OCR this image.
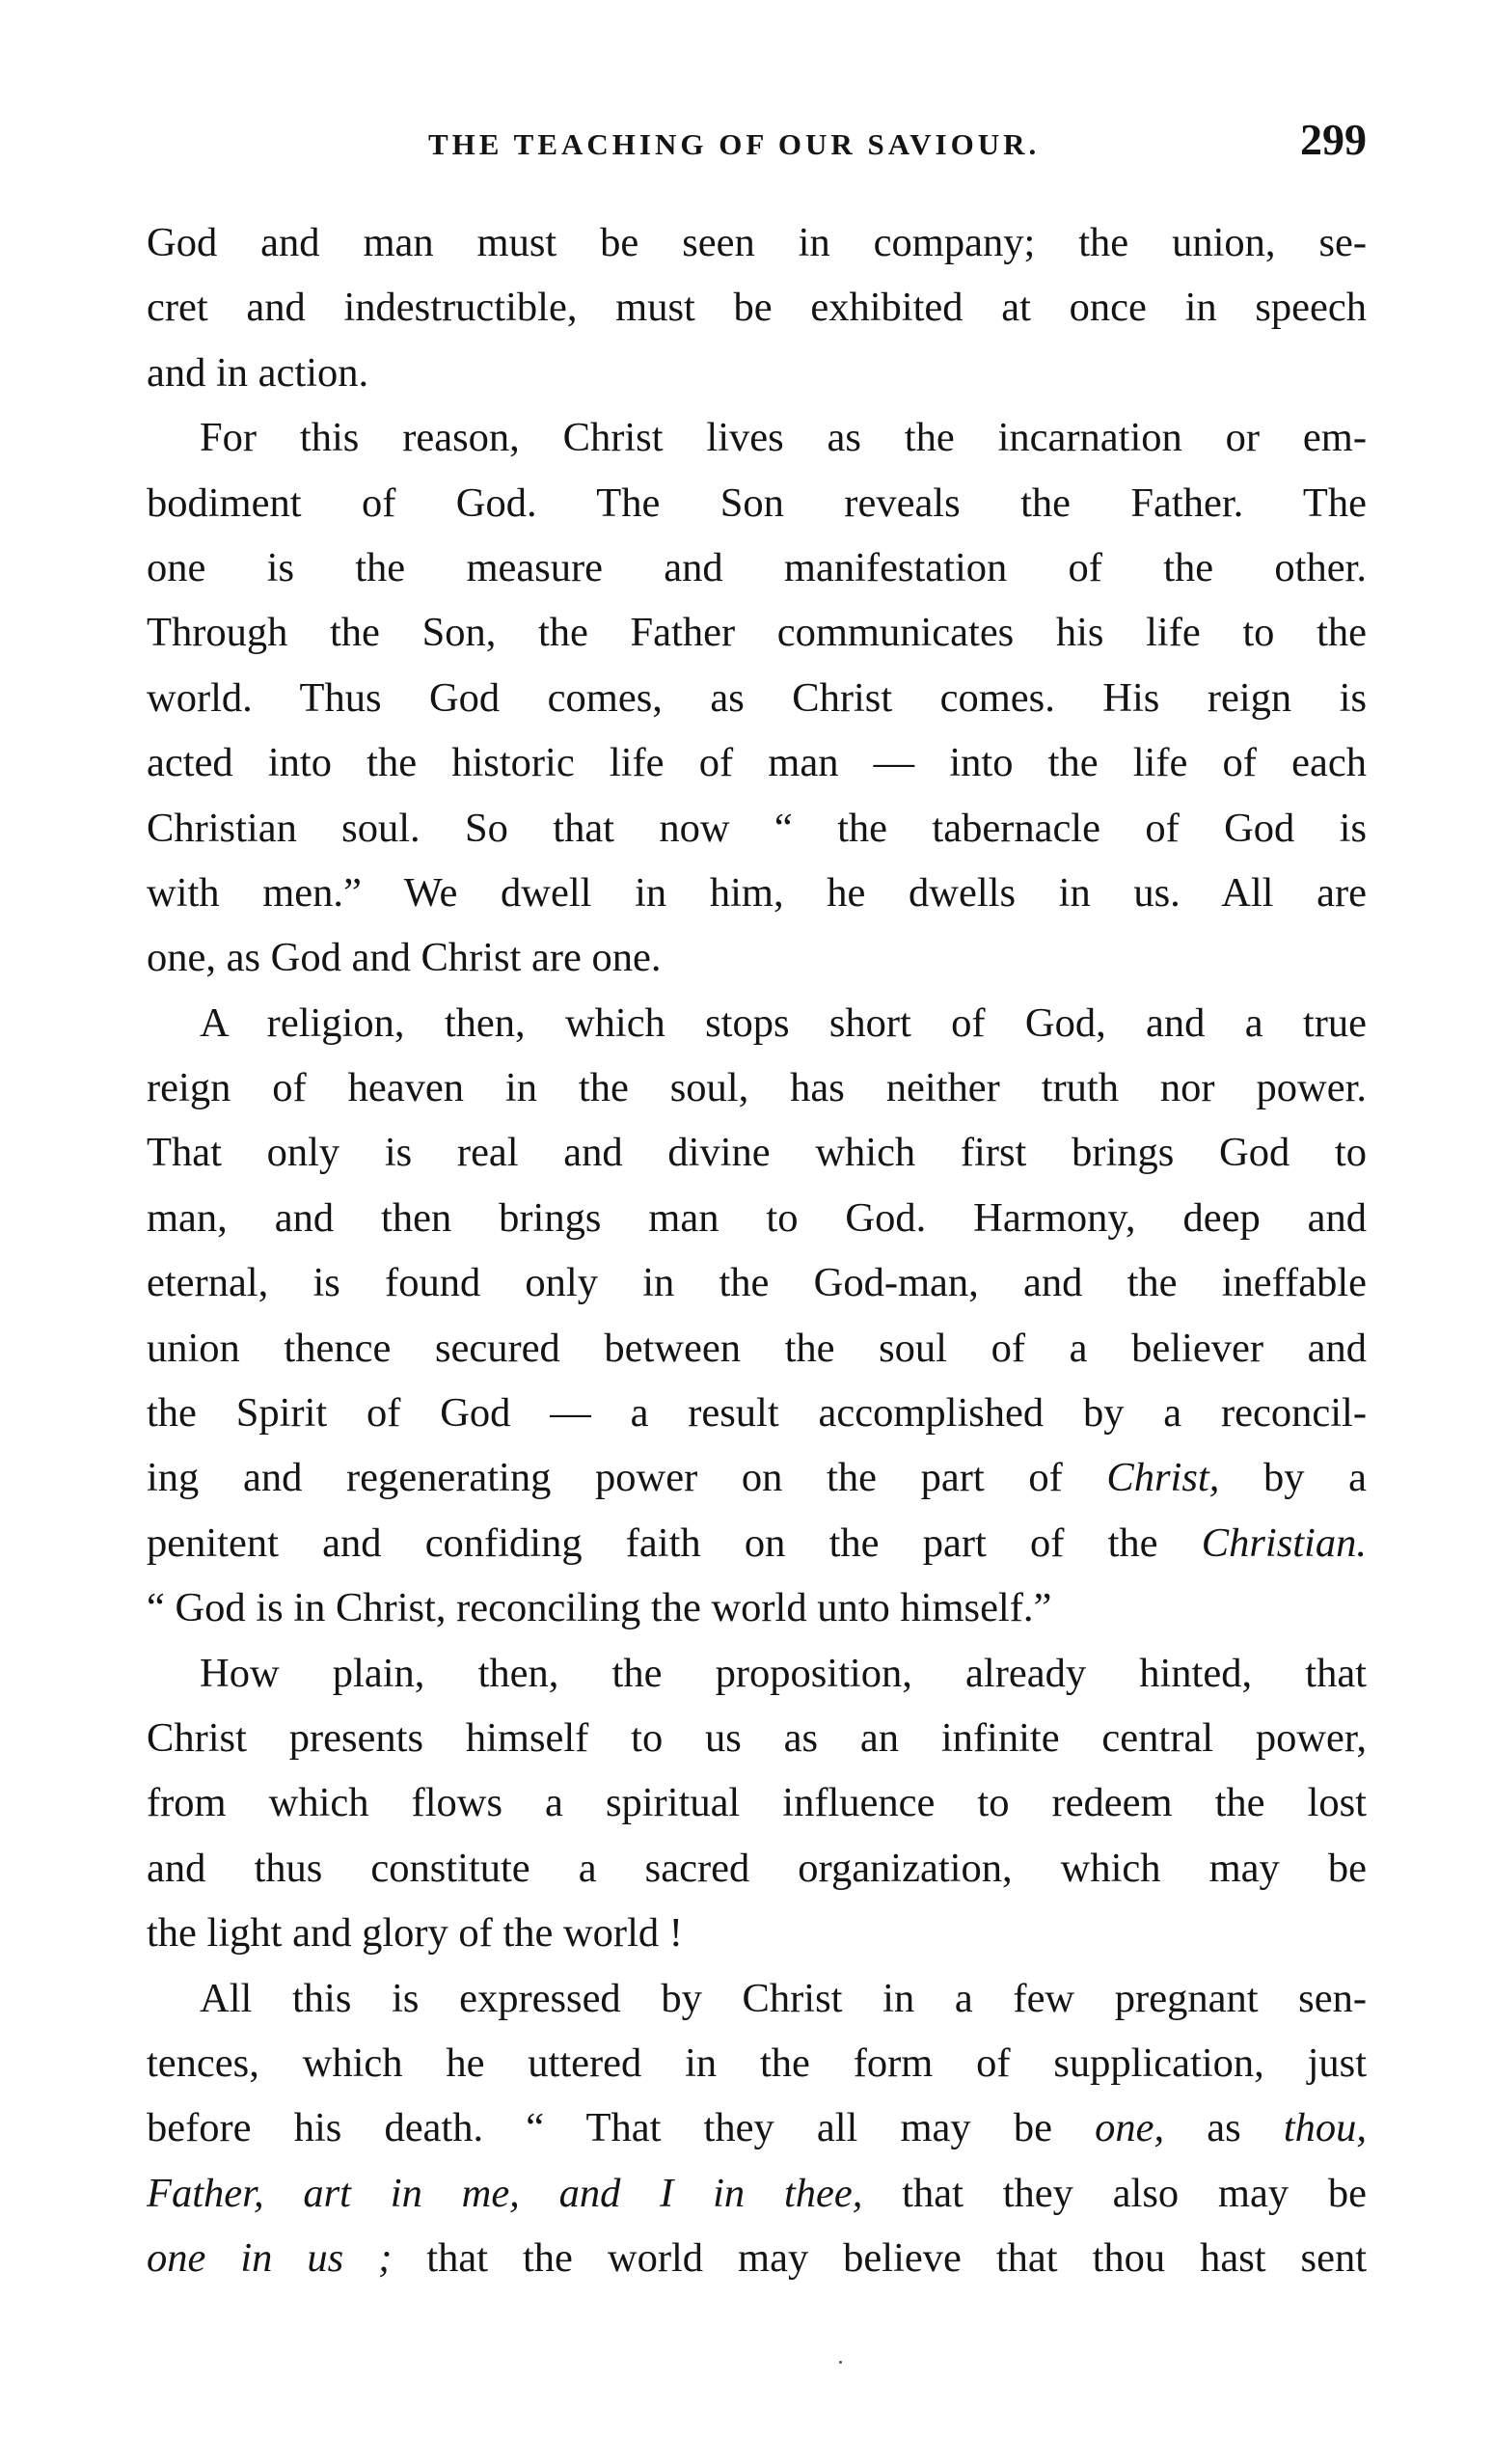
THE TEACHING OF OUR SAVIOUR.	299
God and man must be seen in company; the union, se-
cret and indestructible, must be exhibited at once in speech
and in action.
For this reason, Christ lives as the incarnation or em-
bodiment of God. The Son reveals the Father. The
one is the measure and manifestation of the other.
Through the Son, the Father communicates his life to the
world. Thus God comes, as Christ comes. His reign is
acted into the historic life of man — into the life of each
Christian soul. So that now “ the tabernacle of God is
with men.” We dwell in him, he dwells in us. All are
one, as God and Christ are one.
A religion, then, which stops short of God, and a true
reign of heaven in the soul, has neither truth nor power.
That only is real and divine which first brings God to
man, and then brings man to God. Harmony, deep and
eternal, is found only in the God-man, and the ineffable
union thence secured between the soul of a believer and
the Spirit of God — a result accomplished by a reconcil-
ing and regenerating power on the part of Christ, by a
penitent and confiding faith on the part of the Christian.
“ God is in Christ, reconciling the world unto himself.”
How plain, then, the proposition, already hinted, that
Christ presents himself to us as an infinite central power,
from which flows a spiritual influence to redeem the lost
and thus constitute a sacred organization, which may be
the light and glory of the world !
All this is expressed by Christ in a few pregnant sen-
tences, which he uttered in the form of supplication, just
before his death. “ That they all may be one, as thou,
Father, art in me, and I in thee, that they also may be
one in us ; that the world may believe that thou hast sent
